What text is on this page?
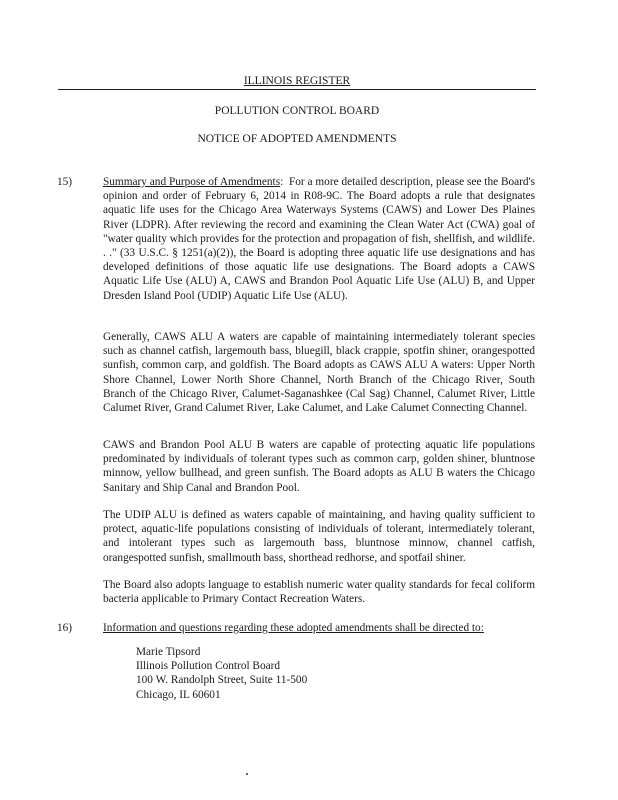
ILLINOIS REGISTER
POLLUTION CONTROL BOARD
NOTICE OF ADOPTED AMENDMENTS
15)	Summary and Purpose of Amendments:  For a more detailed description, please see the Board's opinion and order of February 6, 2014 in R08-9C. The Board adopts a rule that designates aquatic life uses for the Chicago Area Waterways Systems (CAWS) and Lower Des Plaines River (LDPR). After reviewing the record and examining the Clean Water Act (CWA) goal of "water quality which provides for the protection and propagation of fish, shellfish, and wildlife. . ." (33 U.S.C. § 1251(a)(2)), the Board is adopting three aquatic life use designations and has developed definitions of those aquatic life use designations. The Board adopts a CAWS Aquatic Life Use (ALU) A, CAWS and Brandon Pool Aquatic Life Use (ALU) B, and Upper Dresden Island Pool (UDIP) Aquatic Life Use (ALU).

Generally, CAWS ALU A waters are capable of maintaining intermediately tolerant species such as channel catfish, largemouth bass, bluegill, black crappie, spotfin shiner, orangespotted sunfish, common carp, and goldfish. The Board adopts as CAWS ALU A waters: Upper North Shore Channel, Lower North Shore Channel, North Branch of the Chicago River, South Branch of the Chicago River, Calumet-Saganashkee (Cal Sag) Channel, Calumet River, Little Calumet River, Grand Calumet River, Lake Calumet, and Lake Calumet Connecting Channel.

CAWS and Brandon Pool ALU B waters are capable of protecting aquatic life populations predominated by individuals of tolerant types such as common carp, golden shiner, bluntnose minnow, yellow bullhead, and green sunfish. The Board adopts as ALU B waters the Chicago Sanitary and Ship Canal and Brandon Pool.

The UDIP ALU is defined as waters capable of maintaining, and having quality sufficient to protect, aquatic-life populations consisting of individuals of tolerant, intermediately tolerant, and intolerant types such as largemouth bass, bluntnose minnow, channel catfish, orangespotted sunfish, smallmouth bass, shorthead redhorse, and spotfail shiner.

The Board also adopts language to establish numeric water quality standards for fecal coliform bacteria applicable to Primary Contact Recreation Waters.

16)	Information and questions regarding these adopted amendments shall be directed to:

Marie Tipsord
Illinois Pollution Control Board
100 W. Randolph Street, Suite 11-500
Chicago, IL 60601
